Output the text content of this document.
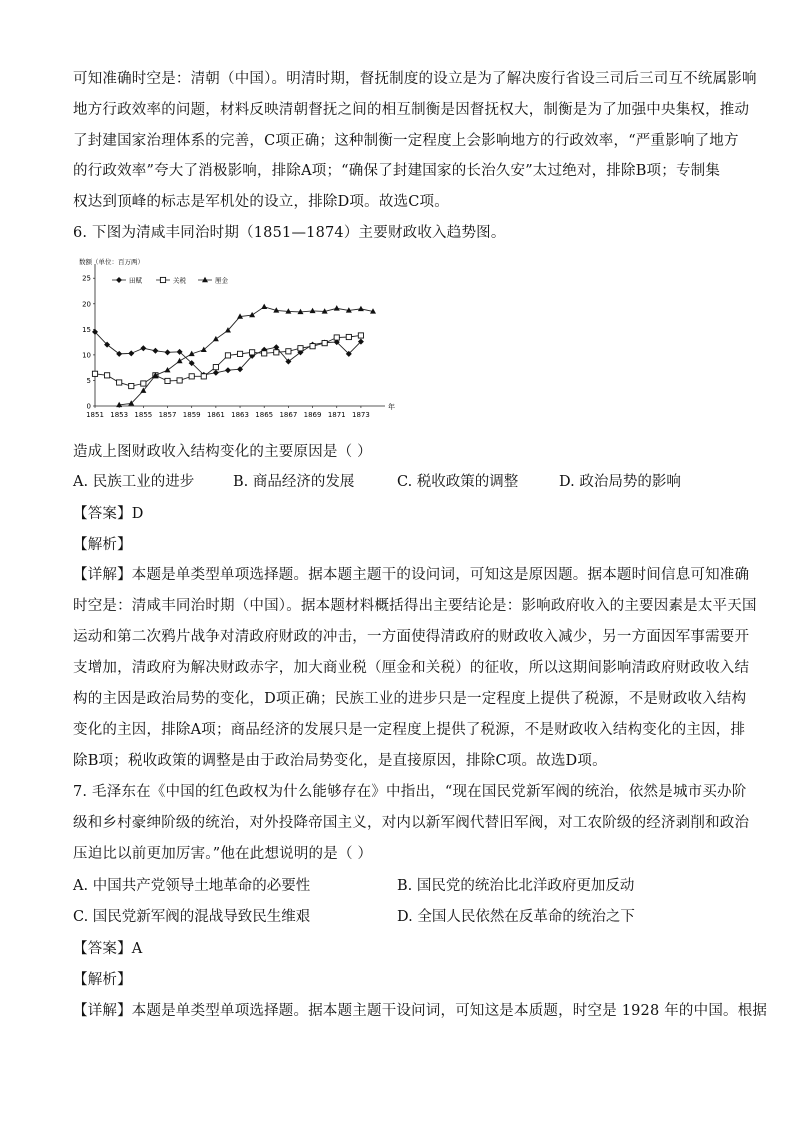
可知准确时空是：清朝（中国）。明清时期，督抚制度的设立是为了解决废行省设三司后三司互不统属影响
地方行政效率的问题，材料反映清朝督抚之间的相互制衡是因督抚权大，制衡是为了加强中央集权，推动
了封建国家治理体系的完善，C项正确；这种制衡一定程度上会影响地方的行政效率，“严重影响了地方
的行政效率”夸大了消极影响，排除A项；“确保了封建国家的长治久安”太过绝对，排除B项；专制集
权达到顶峰的标志是军机处的设立，排除D项。故选C项。
6. 下图为清咸丰同治时期（1851—1874）主要财政收入趋势图。
数额（单位：百万两）
田赋	关税	厘金
0
5
10
15
20
25
1851 1853 1855 1857 1859 1861 1863 1865 1867 1869 1871 1873
年
造成上图财政收入结构变化的主要原因是（ ）
A. 民族工业的进步	B. 商品经济的发展	C. 税收政策的调整	D. 政治局势的影响
【答案】D
【解析】
【详解】本题是单类型单项选择题。据本题主题干的设问词，可知这是原因题。据本题时间信息可知准确
时空是：清咸丰同治时期（中国）。据本题材料概括得出主要结论是：影响政府收入的主要因素是太平天国
运动和第二次鸦片战争对清政府财政的冲击，一方面使得清政府的财政收入减少，另一方面因军事需要开
支增加，清政府为解决财政赤字，加大商业税（厘金和关税）的征收，所以这期间影响清政府财政收入结
构的主因是政治局势的变化，D项正确；民族工业的进步只是一定程度上提供了税源，不是财政收入结构
变化的主因，排除A项；商品经济的发展只是一定程度上提供了税源，不是财政收入结构变化的主因，排
除B项；税收政策的调整是由于政治局势变化，是直接原因，排除C项。故选D项。
7. 毛泽东在《中国的红色政权为什么能够存在》中指出，“现在国民党新军阀的统治，依然是城市买办阶
级和乡村豪绅阶级的统治，对外投降帝国主义，对内以新军阀代替旧军阀，对工农阶级的经济剥削和政治
压迫比以前更加厉害。”他在此想说明的是（ ）
A. 中国共产党领导土地革命的必要性	B. 国民党的统治比北洋政府更加反动
C. 国民党新军阀的混战导致民生维艰	D. 全国人民依然在反革命的统治之下
【答案】A
【解析】
【详解】本题是单类型单项选择题。据本题主题干设问词，可知这是本质题，时空是 1928 年的中国。根据
